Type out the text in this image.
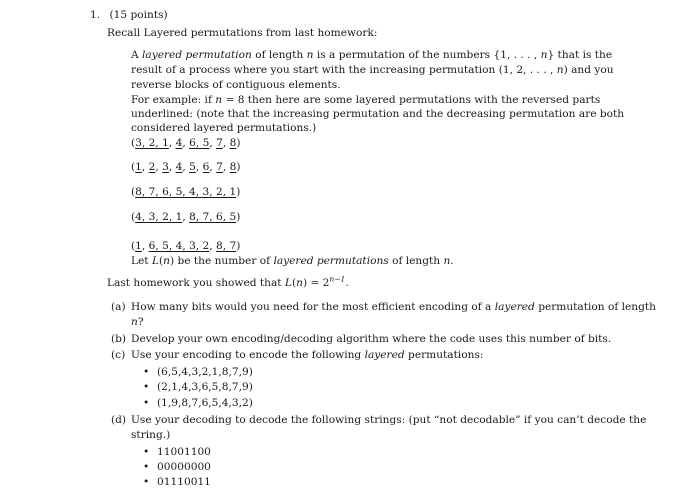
1. (15 points)
Recall Layered permutations from last homework:
A layered permutation of length n is a permutation of the numbers {1, . . . , n} that is the
result of a process where you start with the increasing permutation (1, 2, . . . , n) and you
reverse blocks of contiguous elements.
For example: if n = 8 then here are some layered permutations with the reversed parts
underlined: (note that the increasing permutation and the decreasing permutation are both
considered layered permutations.)
(3, 2, 1, 4, 6, 5, 7, 8)
(1, 2, 3, 4, 5, 6, 7, 8)
(8, 7, 6, 5, 4, 3, 2, 1)
(4, 3, 2, 1, 8, 7, 6, 5)
(1, 6, 5, 4, 3, 2, 8, 7)
Let L(n) be the number of layered permutations of length n.
Last homework you showed that $L(n) = 2^{n-1}$.
(a) How many bits would you need for the most efficient encoding of a layered permutation of length
n?
(b) Develop your own encoding/decoding algorithm where the code uses this number of bits.
(c) Use your encoding to encode the following layered permutations:
• (6,5,4,3,2,1,8,7,9)
• (2,1,4,3,6,5,8,7,9)
• (1,9,8,7,6,5,4,3,2)
(d) Use your decoding to decode the following strings: (put “not decodable” if you can’t decode the
string.)
• 11001100
• 00000000
• 01110011
